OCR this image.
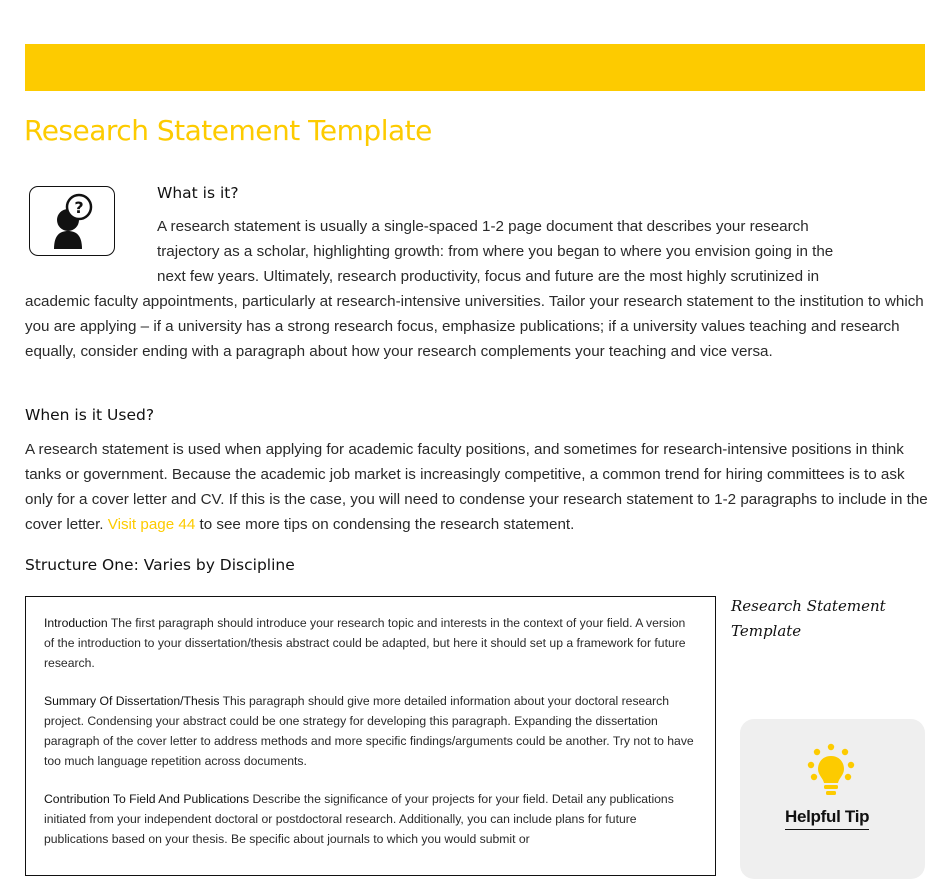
Research Statement Template
?
What is it?

A research statement is usually a single-spaced 1-2 page document that describes your research
trajectory as a scholar, highlighting growth: from where you began to where you envision going in the
next few years. Ultimately, research productivity, focus and future are the most highly scrutinized in
academic faculty appointments, particularly at research-intensive universities. Tailor your research statement to the institution to which you are applying – if a university has a strong research focus, emphasize publications; if a university values teaching and research equally, consider ending with a paragraph about how your research complements your teaching and vice versa.

When is it Used?

A research statement is used when applying for academic faculty positions, and sometimes for research-intensive positions in think tanks or government. Because the academic job market is increasingly competitive, a common trend for hiring committees is to ask only for a cover letter and CV. If this is the case, you will need to condense your research statement to 1-2 paragraphs to include in the cover letter. Visit page 44 to see more tips on condensing the research statement.

Structure One: Varies by Discipline

Introduction The first paragraph should introduce your research topic and interests in the context of your field. A version of the introduction to your dissertation/thesis abstract could be adapted, but here it should set up a framework for future research.

Summary Of Dissertation/Thesis This paragraph should give more detailed information about your doctoral research project. Condensing your abstract could be one strategy for developing this paragraph. Expanding the dissertation paragraph of the cover letter to address methods and more specific findings/arguments could be another. Try not to have too much language repetition across documents.

Contribution To Field And Publications Describe the significance of your projects for your field. Detail any publications initiated from your independent doctoral or postdoctoral research. Additionally, you can include plans for future publications based on your thesis. Be specific about journals to which you would submit or

Research Statement Template
Helpful Tip
